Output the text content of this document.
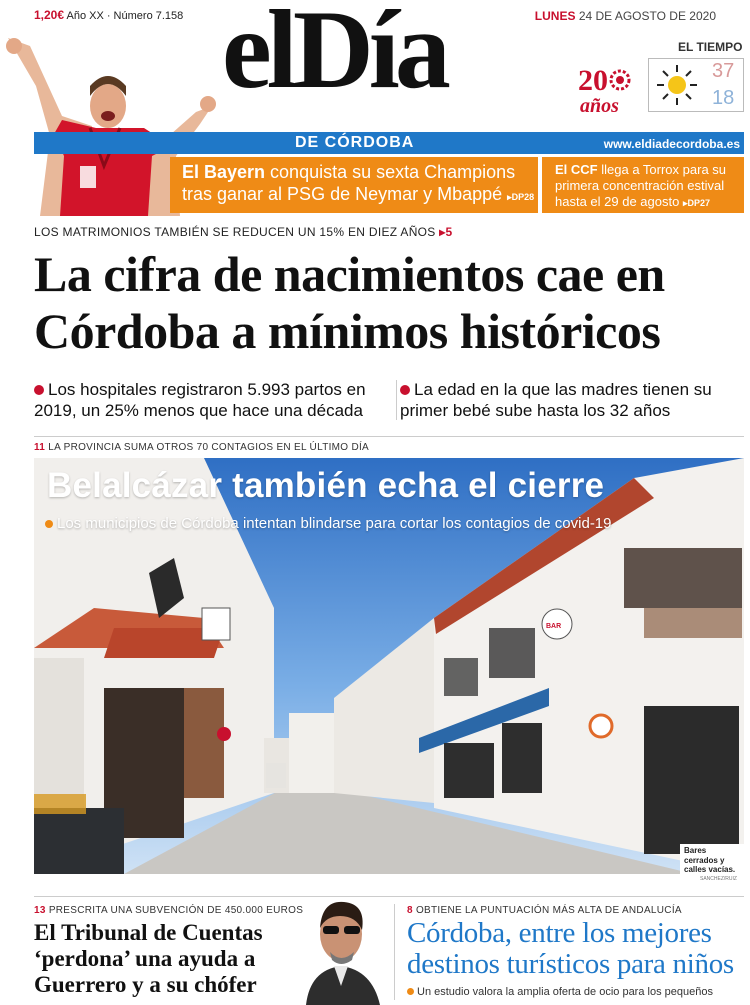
1,20€ Año XX · Número 7.158	LUNES 24 DE AGOSTO DE 2020
elDía	20
años
EL TIEMPO
37
18
DE CÓRDOBA	www.eldiadecordoba.es
El Bayern conquista su sexta Champions
tras ganar al PSG de Neymar y Mbappé ▸DP28
El CCF llega a Torrox para su
primera concentración estival
hasta el 29 de agosto ▸DP27
LOS MATRIMONIOS TAMBIÉN SE REDUCEN UN 15% EN DIEZ AÑOS ▸5
La cifra de nacimientos cae en
Córdoba a mínimos históricos
Los hospitales registraron 5.993 partos en 2019, un 25% menos que hace una década
La edad en la que las madres tienen su primer bebé sube hasta los 32 años
11 LA PROVINCIA SUMA OTROS 70 CONTAGIOS EN EL ÚLTIMO DÍA
BAR
Belalcázar también echa el cierre
Los municipios de Córdoba intentan blindarse para cortar los contagios de covid-19
Bares cerrados y calles vacías.
SANCHEZ/RUIZ
13 PRESCRITA UNA SUBVENCIÓN DE 450.000 EUROS
El Tribunal de Cuentas
‘perdona’ una ayuda a
Guerrero y a su chófer
8 OBTIENE LA PUNTUACIÓN MÁS ALTA DE ANDALUCÍA
Córdoba, entre los mejores
destinos turísticos para niños
Un estudio valora la amplia oferta de ocio para los pequeños
